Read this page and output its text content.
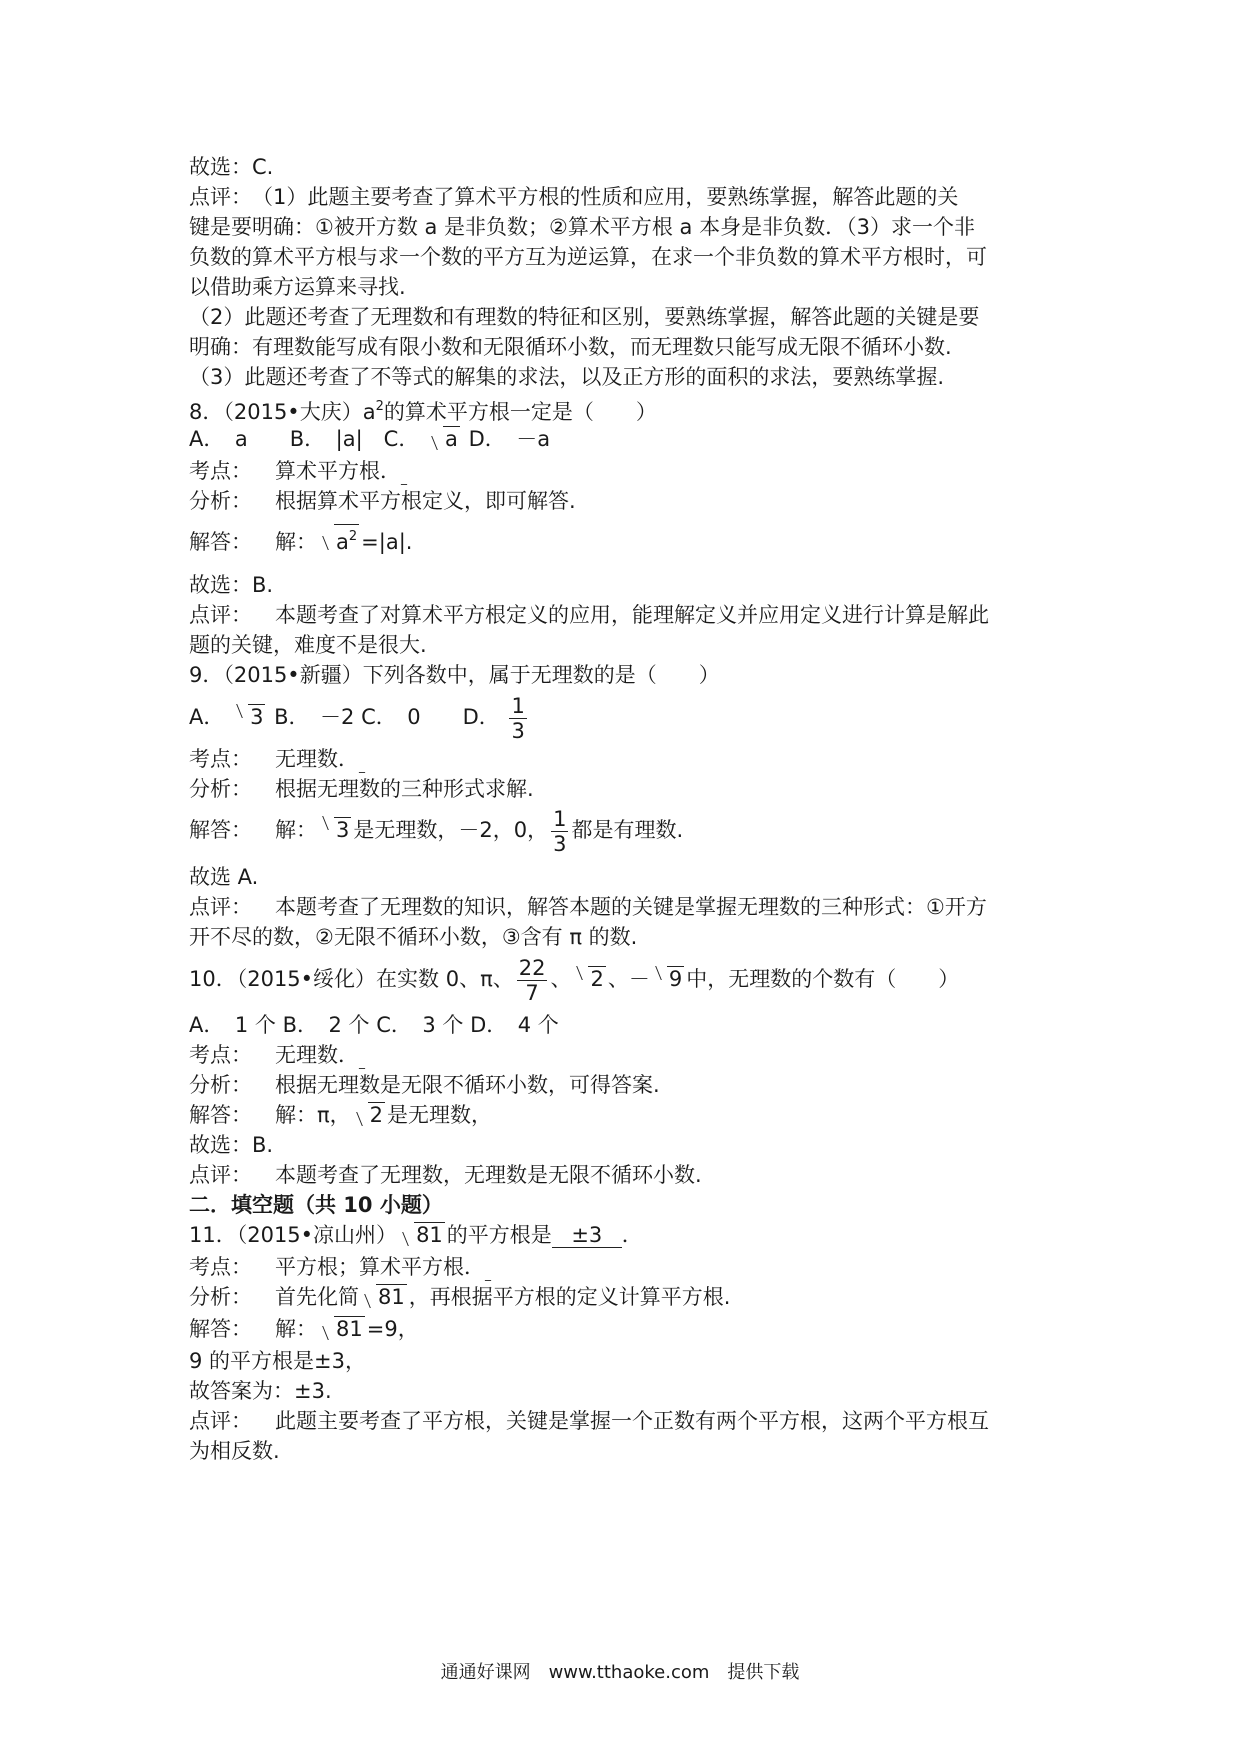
故选：C.
点评：　（1）此题主要考查了算术平方根的性质和应用，要熟练掌握，解答此题的关
键是要明确：①被开方数 a 是非负数；②算术平方根 a 本身是非负数．（3）求一个非
负数的算术平方根与求一个数的平方互为逆运算，在求一个非负数的算术平方根时，可
以借助乘方运算来寻找.
（2）此题还考查了无理数和有理数的特征和区别，要熟练掌握，解答此题的关键是要
明确：有理数能写成有限小数和无限循环小数，而无理数只能写成无限不循环小数.
（3）此题还考查了不等式的解集的求法，以及正方形的面积的求法，要熟练掌握.
8．（2015•大庆）$a^2$的算术平方根一定是（　　）
A．　a　　B．　|a|　C． a D．　－a
考点： 算术平方根．_
分析： 根据算术平方根定义，即可解答.
解答： 解： $a^2 =|a|$.
故选：B.
点评： 本题考查了对算术平方根定义的应用，能理解定义并应用定义进行计算是解此
题的关键，难度不是很大.
9．（2015•新疆）下列各数中，属于无理数的是（　　）
A． 3 B．　－2 C．　0　　D． $\frac{1}{3}$
考点： 无理数．_
分析： 根据无理数的三种形式求解.
解答： 解： 3 是无理数，－2，0， $\frac{1}{3}$ 都是有理数.
故选 A.
点评： 本题考查了无理数的知识，解答本题的关键是掌握无理数的三种形式：①开方
开不尽的数，②无限不循环小数，③含有 π 的数.
10．（2015•绥化）在实数 0、π、 $\frac{22}{7}$ 、 2 、－ 9 中，无理数的个数有（　　）
A．　1 个 B．　2 个 C．　3 个 D．　4 个
考点： 无理数．_
分析： 根据无理数是无限不循环小数，可得答案.
解答： 解：π， 2 是无理数，
故选：B.
点评： 本题考查了无理数，无理数是无限不循环小数.
二．填空题（共 10 小题）
11．（2015•凉山州） 81 的平方根是 ±3 ．
考点： 平方根；算术平方根．_
分析： 首先化简 81 ，再根据平方根的定义计算平方根.
解答： 解： 81 =9，
9 的平方根是±3，
故答案为：±3.
点评： 此题主要考查了平方根，关键是掌握一个正数有两个平方根，这两个平方根互
为相反数.
通通好课网　www.tthaoke.com　提供下载
